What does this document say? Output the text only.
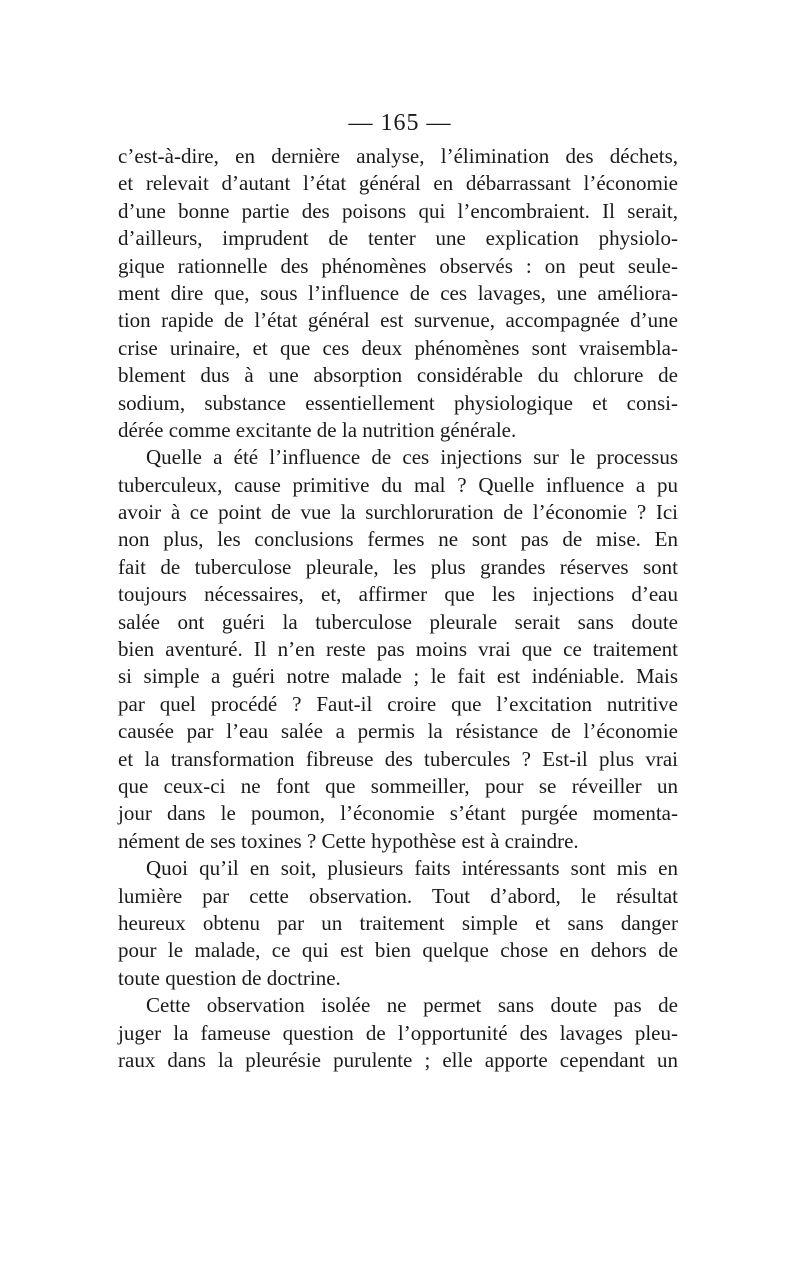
— 165 —
c’est-à-dire, en dernière analyse, l’élimination des déchets,
et relevait d’autant l’état général en débarrassant l’économie
d’une bonne partie des poisons qui l’encombraient. Il serait,
d’ailleurs, imprudent de tenter une explication physiolo-
gique rationnelle des phénomènes observés : on peut seule-
ment dire que, sous l’influence de ces lavages, une améliora-
tion rapide de l’état général est survenue, accompagnée d’une
crise urinaire, et que ces deux phénomènes sont vraisembla-
blement dus à une absorption considérable du chlorure de
sodium, substance essentiellement physiologique et consi-
dérée comme excitante de la nutrition générale.
Quelle a été l’influence de ces injections sur le processus
tuberculeux, cause primitive du mal ? Quelle influence a pu
avoir à ce point de vue la surchloruration de l’économie ? Ici
non plus, les conclusions fermes ne sont pas de mise. En
fait de tuberculose pleurale, les plus grandes réserves sont
toujours nécessaires, et, affirmer que les injections d’eau
salée ont guéri la tuberculose pleurale serait sans doute
bien aventuré. Il n’en reste pas moins vrai que ce traitement
si simple a guéri notre malade ; le fait est indéniable. Mais
par quel procédé ? Faut-il croire que l’excitation nutritive
causée par l’eau salée a permis la résistance de l’économie
et la transformation fibreuse des tubercules ? Est-il plus vrai
que ceux-ci ne font que sommeiller, pour se réveiller un
jour dans le poumon, l’économie s’étant purgée momenta-
nément de ses toxines ? Cette hypothèse est à craindre.
Quoi qu’il en soit, plusieurs faits intéressants sont mis en
lumière par cette observation. Tout d’abord, le résultat
heureux obtenu par un traitement simple et sans danger
pour le malade, ce qui est bien quelque chose en dehors de
toute question de doctrine.
Cette observation isolée ne permet sans doute pas de
juger la fameuse question de l’opportunité des lavages pleu-
raux dans la pleurésie purulente ; elle apporte cependant un
